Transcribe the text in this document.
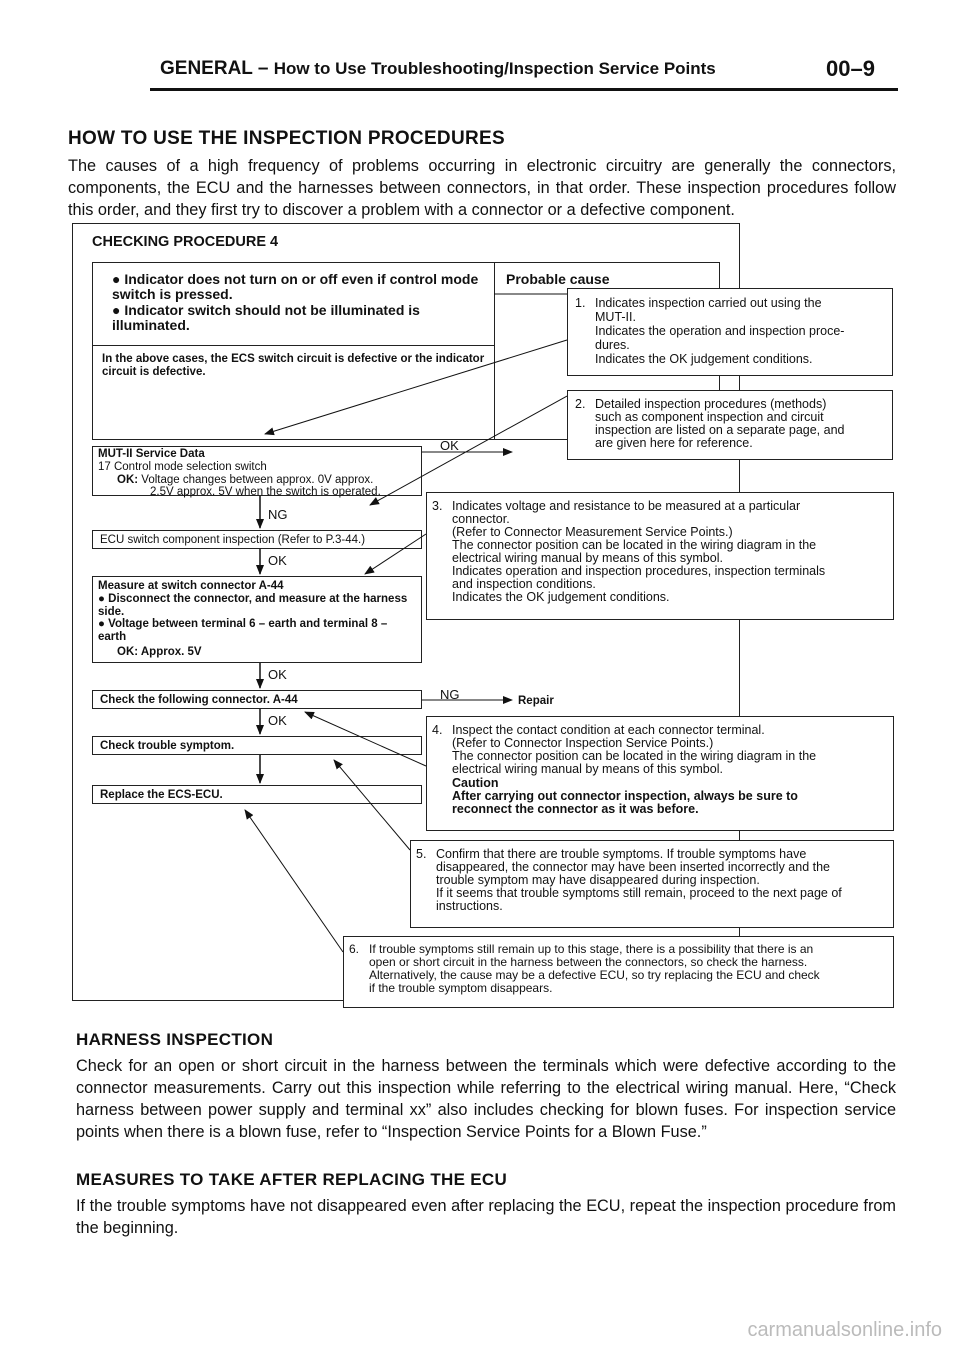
GENERAL – How to Use Troubleshooting/Inspection Service Points	00–9
HOW TO USE THE INSPECTION PROCEDURES
The causes of a high frequency of problems occurring in electronic circuitry are generally the connectors, components, the ECU and the harnesses between connectors, in that order. These inspection procedures follow this order, and they first try to discover a problem with a connector or a defective component.
CHECKING PROCEDURE 4
● Indicator does not turn on or off even if control mode switch is pressed.
● Indicator switch should not be illuminated is illuminated.
In the above cases, the ECS switch circuit is defective or the indicator circuit is defective.
Probable cause
MUT-II Service Data
17 Control mode selection switch
OK: Voltage changes between approx. 0V approx.
2.5V approx. 5V when the switch is operated.
ECU switch component inspection (Refer to P.3-44.)
Measure at switch connector A-44
● Disconnect the connector, and measure at the harness side.
● Voltage between terminal 6 – earth and terminal 8 – earth
OK: Approx. 5V
Check the following connector. A-44
Check trouble symptom.
Replace the ECS-ECU.
NG
OK
OK
OK
OK
NG	Repair
1. Indicates inspection carried out using the
MUT-II.
Indicates the operation and inspection proce-
dures.
Indicates the OK judgement conditions.
2. Detailed inspection procedures (methods)
such as component inspection and circuit
inspection are listed on a separate page, and
are given here for reference.
3. Indicates voltage and resistance to be measured at a particular
connector.
(Refer to Connector Measurement Service Points.)
The connector position can be located in the wiring diagram in the
electrical wiring manual by means of this symbol.
Indicates operation and inspection procedures, inspection terminals
and inspection conditions.
Indicates the OK judgement conditions.
4. Inspect the contact condition at each connector terminal.
(Refer to Connector Inspection Service Points.)
The connector position can be located in the wiring diagram in the
electrical wiring manual by means of this symbol.
Caution
After carrying out connector inspection, always be sure to
reconnect the connector as it was before.
5. Confirm that there are trouble symptoms. If trouble symptoms have
disappeared, the connector may have been inserted incorrectly and the
trouble symptom may have disappeared during inspection.
If it seems that trouble symptoms still remain, proceed to the next page of
instructions.
6. If trouble symptoms still remain up to this stage, there is a possibility that there is an
open or short circuit in the harness between the connectors, so check the harness.
Alternatively, the cause may be a defective ECU, so try replacing the ECU and check
if the trouble symptom disappears.
HARNESS INSPECTION
Check for an open or short circuit in the harness between the terminals which were defective according to the connector measurements. Carry out this inspection while referring to the electrical wiring manual. Here, “Check harness between power supply and terminal xx” also includes checking for blown fuses. For inspection service points when there is a blown fuse, refer to “Inspection Service Points for a Blown Fuse.”
MEASURES TO TAKE AFTER REPLACING THE ECU
If the trouble symptoms have not disappeared even after replacing the ECU, repeat the inspection procedure from the beginning.
carmanualsonline.info
